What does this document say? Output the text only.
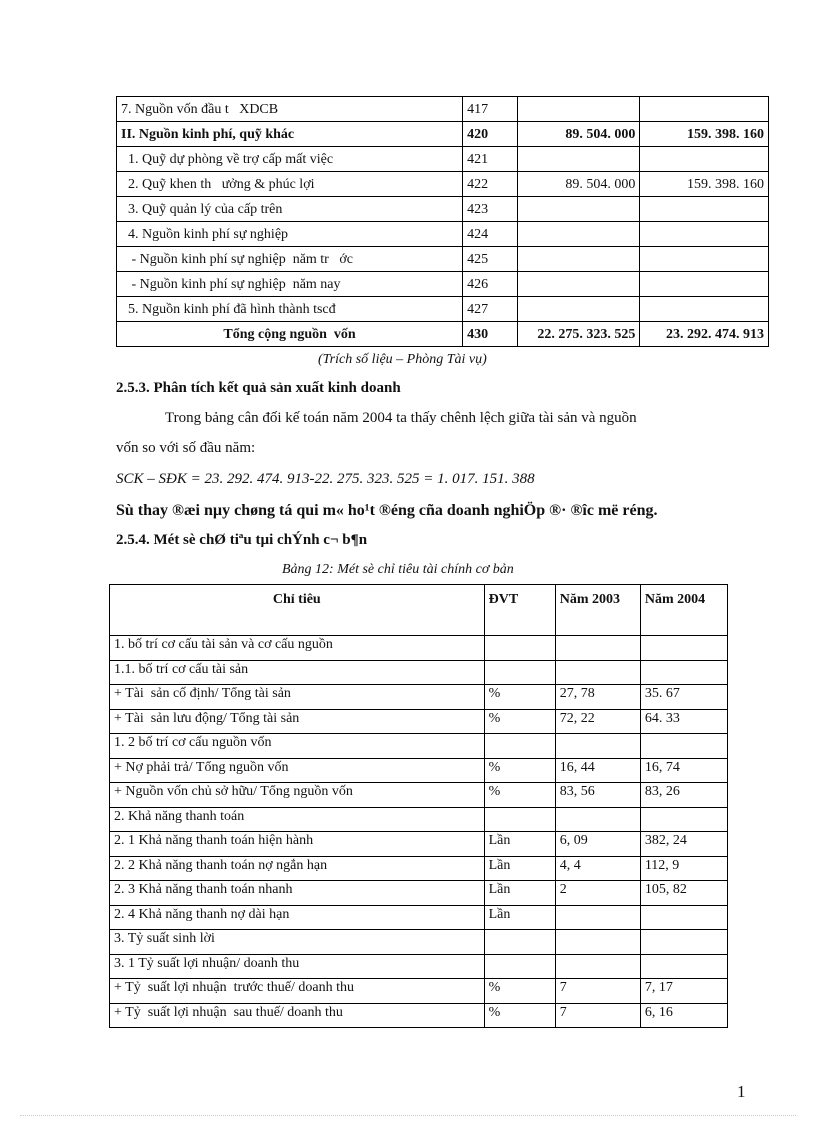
7. Nguồn vốn đầu t   XDCB	417		
II. Nguồn kinh phí, quỹ khác	420	89. 504. 000	159. 398. 160
1. Quỹ dự phòng về trợ cấp mất việc	421		
2. Quỹ khen th   ưởng & phúc lợi	422	89. 504. 000	159. 398. 160
3. Quỹ quản lý của cấp trên	423		
4. Nguồn kinh phí sự nghiệp	424		
- Nguồn kinh phí sự nghiệp  năm tr   ớc	425		
- Nguồn kinh phí sự nghiệp  năm nay	426		
5. Nguồn kinh phí đã hình thành tscđ	427		
Tổng cộng nguồn  vốn	430	22. 275. 323. 525	23. 292. 474. 913
(Trích số liệu – Phòng Tài vụ)
2.5.3. Phân tích kết quả sản xuất kinh doanh
Trong bảng cân đối kế toán năm 2004 ta thấy chênh lệch giữa tài sản và nguồn
vốn so với số đầu năm:
SCK – SĐK = 23. 292. 474. 913-22. 275. 323. 525 = 1. 017. 151. 388
Sù thay ®æi nµy chøng tá qui m« ho¹t ®éng cña doanh nghiÖp ®· ®îc më réng.
2.5.4. Mét sè chØ tiªu tµi chÝnh c¬ b¶n
Bảng 12: Mét sè chỉ tiêu tài chính cơ bản
Chỉ tiêu	ĐVT	Năm 2003	Năm 2004
1. bố trí cơ cấu tài sản và cơ cấu nguồn			
1.1. bố trí cơ cấu tài sản			
+ Tài  sản cố định/ Tổng tài sản	%	27, 78	35. 67
+ Tài  sản lưu động/ Tổng tài sản	%	72, 22	64. 33
1. 2 bố trí cơ cấu nguồn vốn			
+ Nợ phải trả/ Tổng nguồn vốn	%	16, 44	16, 74
+ Nguồn vốn chủ sở hữu/ Tổng nguồn vốn	%	83, 56	83, 26
2. Khả năng thanh toán			
2. 1 Khả năng thanh toán hiện hành	Lần	6, 09	382, 24
2. 2 Khả năng thanh toán nợ ngắn hạn	Lần	4, 4	112, 9
2. 3 Khả năng thanh toán nhanh	Lần	2	105, 82
2. 4 Khả năng thanh nợ dài hạn	Lần		
3. Tỷ suất sinh lời			
3. 1 Tỷ suất lợi nhuận/ doanh thu			
+ Tỷ  suất lợi nhuận  trước thuế/ doanh thu	%	7	7, 17
+ Tỷ  suất lợi nhuận  sau thuế/ doanh thu	%	7	6, 16
1
